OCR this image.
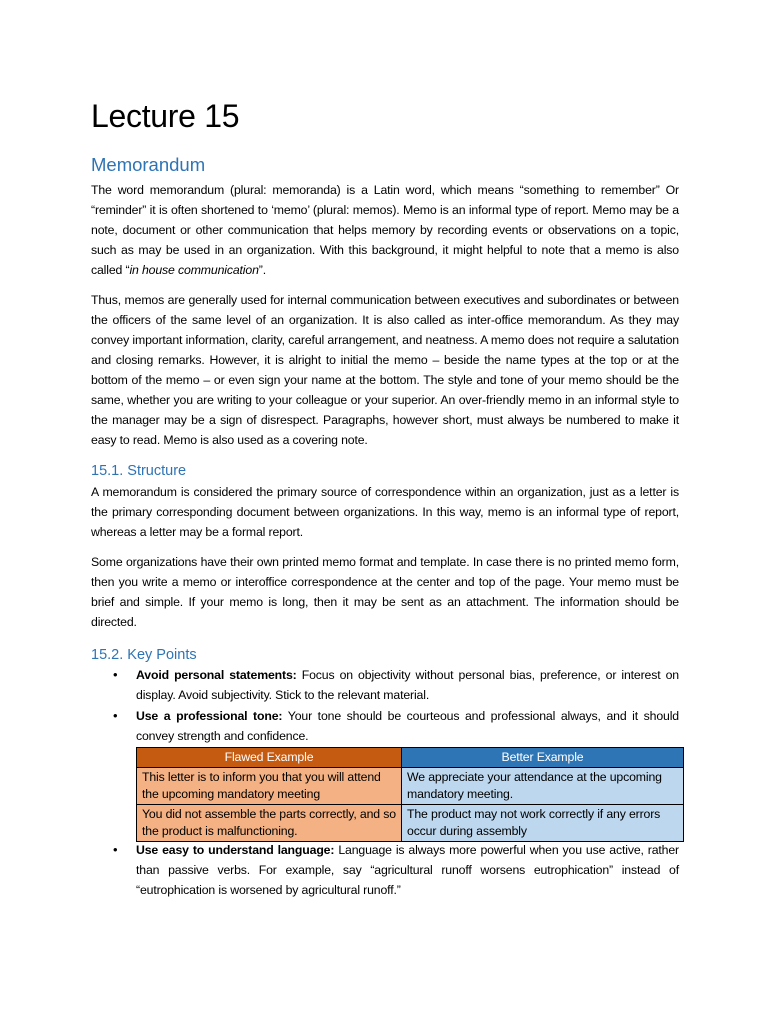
Lecture 15
Memorandum

The word memorandum (plural: memoranda) is a Latin word, which means “something to remember” Or “reminder” it is often shortened to ‘memo’ (plural: memos). Memo is an informal type of report. Memo may be a note, document or other communication that helps memory by recording events or observations on a topic, such as may be used in an organization. With this background, it might helpful to note that a memo is also called “in house communication”.

Thus, memos are generally used for internal communication between executives and subordinates or between the officers of the same level of an organization. It is also called as inter-office memorandum. As they may convey important information, clarity, careful arrangement, and neatness. A memo does not require a salutation and closing remarks. However, it is alright to initial the memo – beside the name types at the top or at the bottom of the memo – or even sign your name at the bottom. The style and tone of your memo should be the same, whether you are writing to your colleague or your superior. An over-friendly memo in an informal style to the manager may be a sign of disrespect. Paragraphs, however short, must always be numbered to make it easy to read. Memo is also used as a covering note.

15.1. Structure

A memorandum is considered the primary source of correspondence within an organization, just as a letter is the primary corresponding document between organizations. In this way, memo is an informal type of report, whereas a letter may be a formal report.

Some organizations have their own printed memo format and template. In case there is no printed memo form, then you write a memo or interoffice correspondence at the center and top of the page. Your memo must be brief and simple. If your memo is long, then it may be sent as an attachment. The information should be directed.

15.2. Key Points
• Avoid personal statements: Focus on objectivity without personal bias, preference, or interest on display. Avoid subjectivity. Stick to the relevant material.
• Use a professional tone: Your tone should be courteous and professional always, and it should convey strength and confidence.
Flawed Example	Better Example
This letter is to inform you that you will attend the upcoming mandatory meeting	We appreciate your attendance at the upcoming mandatory meeting.
You did not assemble the parts correctly, and so the product is malfunctioning.	The product may not work correctly if any errors occur during assembly
• Use easy to understand language: Language is always more powerful when you use active, rather than passive verbs. For example, say “agricultural runoff worsens eutrophication” instead of “eutrophication is worsened by agricultural runoff.”
